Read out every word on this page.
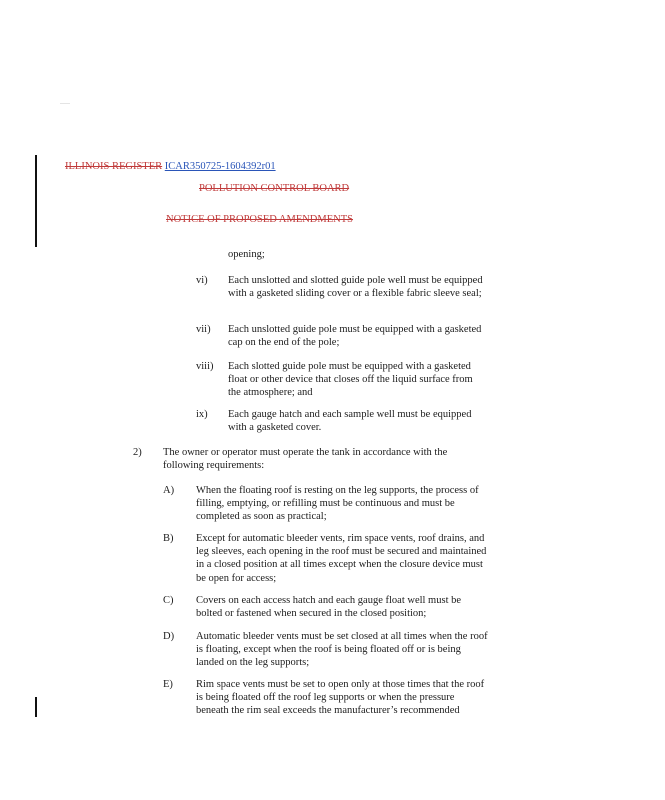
ILLINOIS REGISTER ICAR350725-1604392r01
POLLUTION CONTROL BOARD
NOTICE OF PROPOSED AMENDMENTS
opening;
vi) Each unslotted and slotted guide pole well must be equipped with a gasketed sliding cover or a flexible fabric sleeve seal;
vii) Each unslotted guide pole must be equipped with a gasketed cap on the end of the pole;
viii) Each slotted guide pole must be equipped with a gasketed float or other device that closes off the liquid surface from the atmosphere; and
ix) Each gauge hatch and each sample well must be equipped with a gasketed cover.
2) The owner or operator must operate the tank in accordance with the following requirements:
A) When the floating roof is resting on the leg supports, the process of filling, emptying, or refilling must be continuous and must be completed as soon as practical;
B) Except for automatic bleeder vents, rim space vents, roof drains, and leg sleeves, each opening in the roof must be secured and maintained in a closed position at all times except when the closure device must be open for access;
C) Covers on each access hatch and each gauge float well must be bolted or fastened when secured in the closed position;
D) Automatic bleeder vents must be set closed at all times when the roof is floating, except when the roof is being floated off or is being landed on the leg supports;
E) Rim space vents must be set to open only at those times that the roof is being floated off the roof leg supports or when the pressure beneath the rim seal exceeds the manufacturer’s recommended
